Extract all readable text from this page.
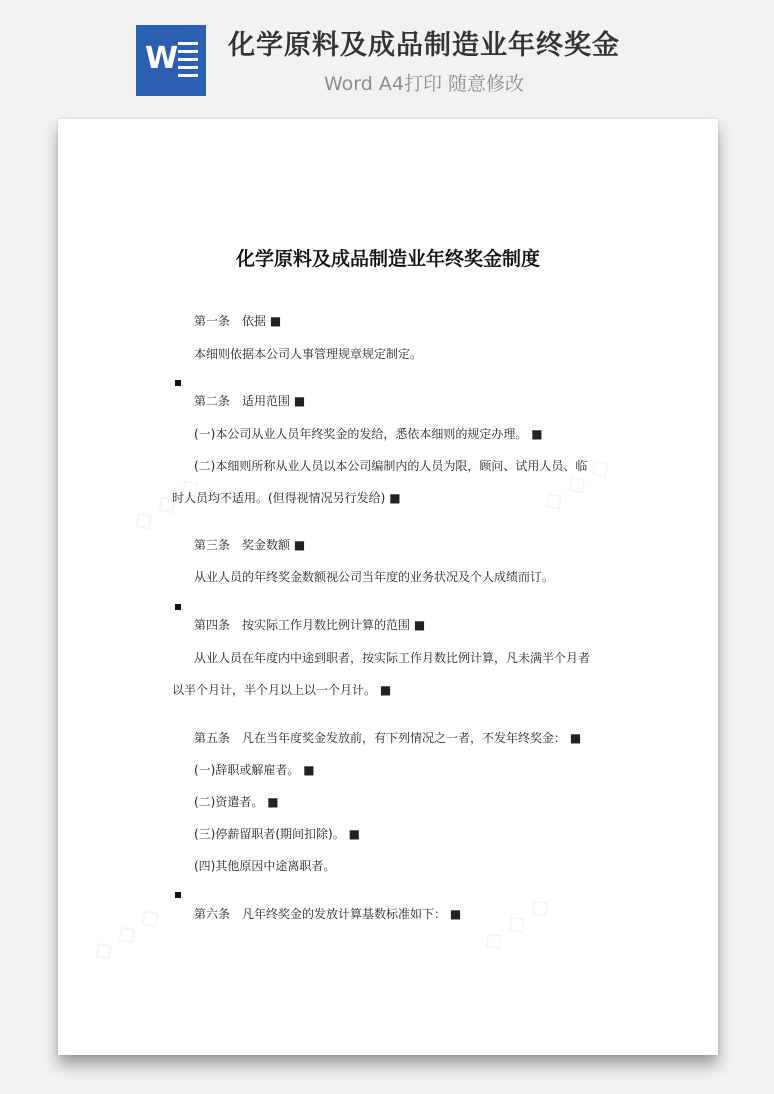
W 化学原料及成品制造业年终奖金
Word A4打印 随意修改
◇ ◇ ◇	◇ ◇ ◇
◇ ◇ ◇	◇ ◇ ◇
化学原料及成品制造业年终奖金制度
第一条　依据 ■
本细则依据本公司人事管理规章规定制定。
第二条　适用范围 ■
(一)本公司从业人员年终奖金的发给，悉依本细则的规定办理。 ■
(二)本细则所称从业人员以本公司编制内的人员为限，顾问、试用人员、临
时人员均不适用。(但得视情况另行发给) ■
第三条　奖金数额 ■
从业人员的年终奖金数额视公司当年度的业务状况及个人成绩而订。
第四条　按实际工作月数比例计算的范围 ■
从业人员在年度内中途到职者，按实际工作月数比例计算，凡未满半个月者
以半个月计，半个月以上以一个月计。 ■
第五条　凡在当年度奖金发放前，有下列情况之一者，不发年终奖金： ■
(一)辞职或解雇者。 ■
(二)资遣者。 ■
(三)停薪留职者(期间扣除)。 ■
(四)其他原因中途离职者。
第六条　凡年终奖金的发放计算基数标准如下： ■
